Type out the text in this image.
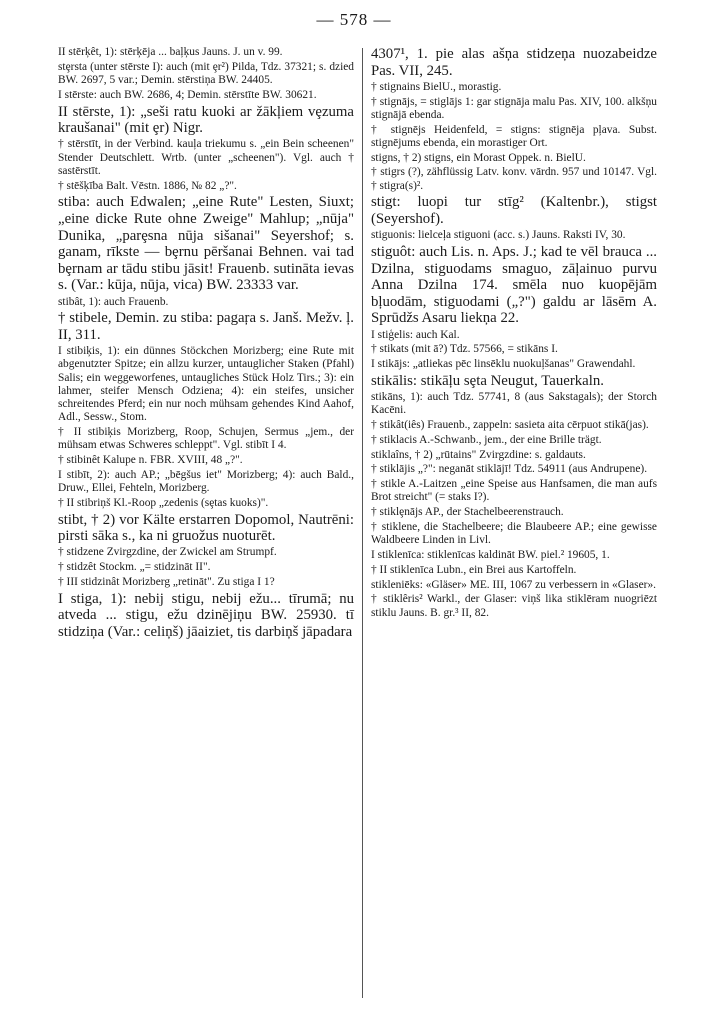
— 578 —

II stērķêt, 1): stērķēja ... baļķus Jauns. J. un v. 99.

stȩrsta (unter stērste I): auch (mit ȩr²) Pilda, Tdz. 37321; s. dzied BW. 2697, 5 var.; Demin. stērstiņa BW. 24405.

I stērste: auch BW. 2686, 4; Demin. stērstīte BW. 30621.

II stērste, 1): „seši ratu kuoki ar žākļiem vȩzuma kraušanai" (mit ȩr) Nigr.

† stērstīt, in der Verbind. kauļa triekumu s. „ein Bein scheenen" Stender Deutschlett. Wrtb. (unter „scheenen"). Vgl. auch † sastērstīt.

† stēšķība Balt. Vēstn. 1886, № 82 „?".

stiba: auch Edwalen; „eine Rute" Lesten, Siuxt; „eine dicke Rute ohne Zweige" Mahlup; „nūja" Dunika, „parȩsna nūja sišanai" Seyershof; s. ganam, rīkste — bȩrnu pēršanai Behnen. vai tad bȩrnam ar tādu stibu jāsit! Frauenb. sutināta ievas s. (Var.: kūja, nūja, vica) BW. 23333 var.

stibât, 1): auch Frauenb.

† stibele, Demin. zu stiba: pagaŗa s. Janš. Mežv. ļ. II, 311.

I stibiķis, 1): ein dünnes Stöckchen Morizberg; eine Rute mit abgenutzter Spitze; ein allzu kurzer, untauglicher Staken (Pfahl) Salis; ein weggeworfenes, untaugliches Stück Holz Tirs.; 3): ein lahmer, steifer Mensch Odziena; 4): ein steifes, unsicher schreitendes Pferd; ein nur noch mühsam gehendes Kind Aahof, Adl., Sessw., Stom.

† II stibiķis Morizberg, Roop, Schujen, Sermus „jem., der mühsam etwas Schweres schleppt". Vgl. stibīt I 4.

† stibinêt Kalupe n. FBR. XVIII, 48 „?".

I stibīt, 2): auch AP.; „bēgšus iet" Morizberg; 4): auch Bald., Druw., Ellei, Fehteln, Morizberg.

† II stibriņš Kl.-Roop „zedenis (sȩtas kuoks)".

stibt, † 2) vor Kälte erstarren Dopomol, Nautrēni: pirsti sāka s., ka ni gruožus nuoturēt.

† stidzene Zvirgzdine, der Zwickel am Strumpf.

† stidzêt Stockm. „= stidzināt II".

† III stidzinât Morizberg „retināt". Zu stiga I 1?

I stiga, 1): nebij stigu, nebij ežu... tīrumā; nu atveda ... stigu, ežu dzinējiņu BW. 25930. tī stidziņa (Var.: celiņš) jāaiziet, tis darbiņš jāpadara

4307¹, 1. pie alas ašņa stidzeņa nuozabeidze Pas. VII, 245.

† stignains BielU., morastig.

† stignājs, = stiglājs 1: gar stignāja malu Pas. XIV, 100. alkšņu stignājā ebenda.

† stignējs Heidenfeld, = stigns: stignēja pļava. Subst. stignējums ebenda, ein morastiger Ort.

stigns, † 2) stigns, ein Morast Oppek. n. BielU.

† stigrs (?), zähflüssig Latv. konv. vārdn. 957 und 10147. Vgl. † stigra(s)².

stigt: luopi tur stīg² (Kaltenbr.), stigst (Seyershof).

stiguonis: lielceļa stiguoni (acc. s.) Jauns. Raksti IV, 30.

stiguôt: auch Lis. n. Aps. J.; kad te vēl brauca ... Dzilna, stiguodams smaguo, zāļainuo purvu Anna Dzilna 174. smēla nuo kuopējām bļuodām, stiguodami („?") galdu ar lāsēm A. Sprūdžs Asaru liekņa 22.

I stiģelis: auch Kal.

† stikats (mit ā?) Tdz. 57566, = stikāns I.

I stikājs: „atliekas pēc linsēklu nuokuļšanas" Grawendahl.

stikālis: stikāļu sȩta Neugut, Tauerkaln.

stikāns, 1): auch Tdz. 57741, 8 (aus Sakstagals); der Storch Kacēni.

† stikât(iês) Frauenb., zappeln: sasieta aita cērpuot stikā(jas).

† stiklacis A.-Schwanb., jem., der eine Brille trägt.

stiklaîns, † 2) „rūtains" Zvirgzdine: s. galdauts.

† stiklājis „?": neganāt stiklājī! Tdz. 54911 (aus Andrupene).

† stikle A.-Laitzen „eine Speise aus Hanfsamen, die man aufs Brot streicht" (= staks I?).

† stiklȩnājs AP., der Stachelbeerenstrauch.

† stiklene, die Stachelbeere; die Blaubeere AP.; eine gewisse Waldbeere Linden in Livl.

I stiklenīca: stiklenīcas kaldināt BW. piel.² 19605, 1.

† II stiklenīca Lubn., ein Brei aus Kartoffeln.

stikleniēks: «Gläser» ME. III, 1067 zu verbessern in «Glaser».

† stiklêris² Warkl., der Glaser: viņš lika stiklēram nuogriēzt stiklu Jauns. B. gr.³ II, 82.
